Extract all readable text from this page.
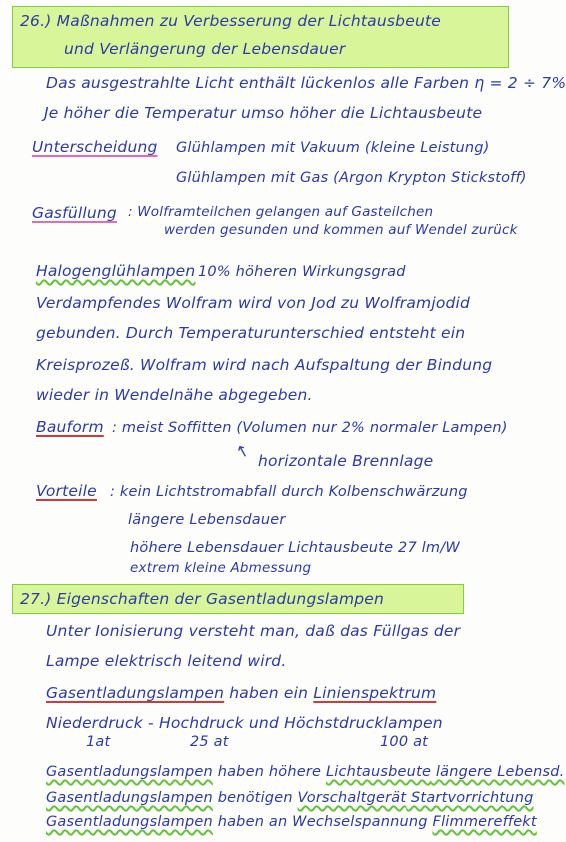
26.) Maßnahmen zu Verbesserung der Lichtausbeute
und Verlängerung der Lebensdauer
Das ausgestrahlte Licht enthält lückenlos alle Farben η = 2 ÷ 7%
Je höher die Temperatur umso höher die Lichtausbeute
Unterscheidung Glühlampen mit Vakuum (kleine Leistung)
Glühlampen mit Gas (Argon Krypton Stickstoff)
Gasfüllung : Wolframteilchen gelangen auf Gasteilchen
werden gesunden und kommen auf Wendel zurück
Halogenglühlampen 10% höheren Wirkungsgrad
Verdampfendes Wolfram wird von Jod zu Wolframjodid
gebunden. Durch Temperaturunterschied entsteht ein
Kreisprozeß. Wolfram wird nach Aufspaltung der Bindung
wieder in Wendelnähe abgegeben.
Bauform : meist Soffitten (Volumen nur 2% normaler Lampen)
↑ horizontale Brennlage
Vorteile : kein Lichtstromabfall durch Kolbenschwärzung
längere Lebensdauer
höhere Lebensdauer Lichtausbeute 27 lm/W
extrem kleine Abmessung
27.) Eigenschaften der Gasentladungslampen
Unter Ionisierung versteht man, daß das Füllgas der
Lampe elektrisch leitend wird.
Gasentladungslampen haben ein Linienspektrum
Niederdruck - Hochdruck und Höchstdrucklampen
1at	25 at	100 at
Gasentladungslampen haben höhere Lichtausbeute längere Lebensd.
Gasentladungslampen benötigen Vorschaltgerät Startvorrichtung
Gasentladungslampen haben an Wechselspannung Flimmereffekt
